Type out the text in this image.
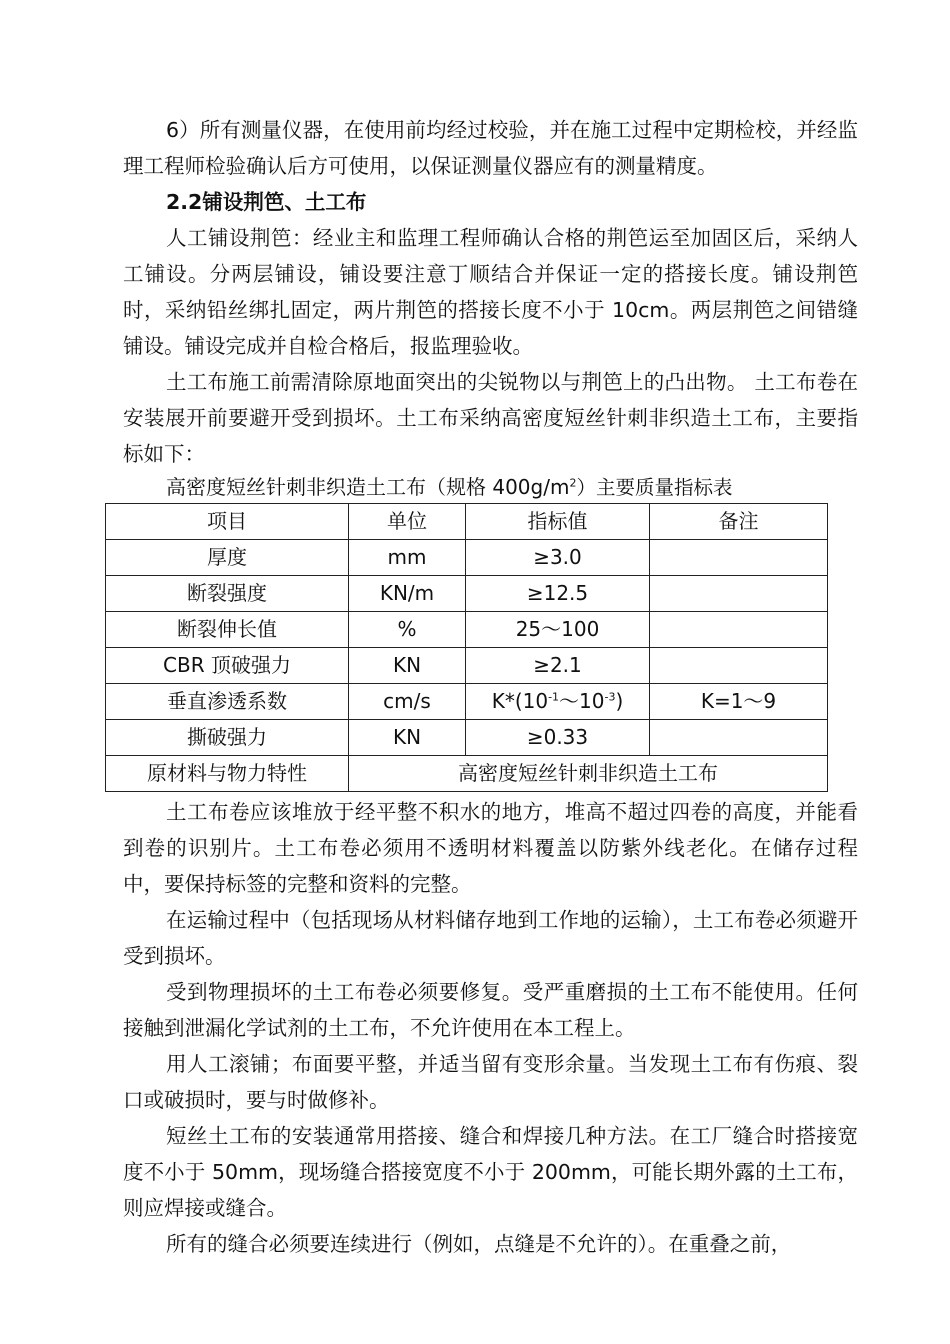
6）所有测量仪器，在使用前均经过校验，并在施工过程中定期检校，并经监理工程师检验确认后方可使用，以保证测量仪器应有的测量精度。

2.2铺设荆笆、土工布

人工铺设荆笆：经业主和监理工程师确认合格的荆笆运至加固区后，采纳人工铺设。分两层铺设，铺设要注意丁顺结合并保证一定的搭接长度。铺设荆笆时，采纳铅丝绑扎固定，两片荆笆的搭接长度不小于 10cm。两层荆笆之间错缝铺设。铺设完成并自检合格后，报监理验收。

土工布施工前需清除原地面突出的尖锐物以与荆笆上的凸出物。 土工布卷在安装展开前要避开受到损坏。土工布采纳高密度短丝针刺非织造土工布，主要指标如下：

高密度短丝针刺非织造土工布（规格 $400g/m^2$）主要质量指标表
项目	单位	指标值	备注
厚度	mm	≥3.0	
断裂强度	KN/m	≥12.5	
断裂伸长值	%	25～100	
CBR 顶破强力	KN	≥2.1	
垂直渗透系数	cm/s	$K*(10^{-1}\sim 10^{-3})$	K=1～9
撕破强力	KN	≥0.33	
原材料与物力特性	高密度短丝针刺非织造土工布		

土工布卷应该堆放于经平整不积水的地方，堆高不超过四卷的高度，并能看到卷的识别片。土工布卷必须用不透明材料覆盖以防紫外线老化。在储存过程中，要保持标签的完整和资料的完整。

在运输过程中（包括现场从材料储存地到工作地的运输），土工布卷必须避开受到损坏。

受到物理损坏的土工布卷必须要修复。受严重磨损的土工布不能使用。任何接触到泄漏化学试剂的土工布，不允许使用在本工程上。

用人工滚铺；布面要平整，并适当留有变形余量。当发现土工布有伤痕、裂口或破损时，要与时做修补。

短丝土工布的安装通常用搭接、缝合和焊接几种方法。在工厂缝合时搭接宽度不小于 50mm，现场缝合搭接宽度不小于 200mm，可能长期外露的土工布，则应焊接或缝合。

所有的缝合必须要连续进行（例如，点缝是不允许的）。在重叠之前，
